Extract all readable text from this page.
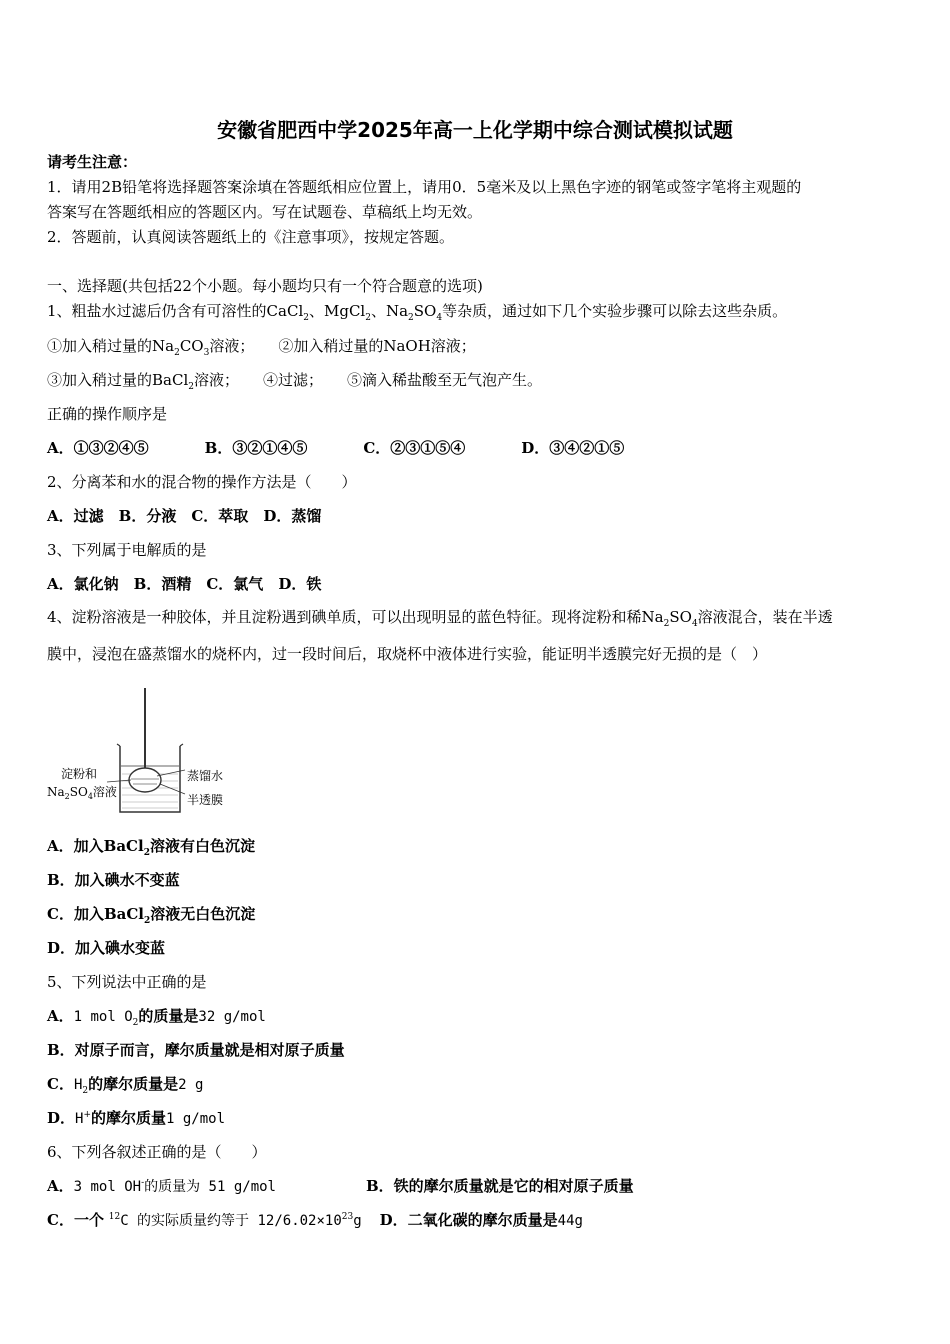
安徽省肥西中学2025年高一上化学期中综合测试模拟试题
请考生注意：
1．请用2B铅笔将选择题答案涂填在答题纸相应位置上，请用0．5毫米及以上黑色字迹的钢笔或签字笔将主观题的
答案写在答题纸相应的答题区内。写在试题卷、草稿纸上均无效。
2．答题前，认真阅读答题纸上的《注意事项》，按规定答题。
一、选择题(共包括22个小题。每小题均只有一个符合题意的选项)
1、粗盐水过滤后仍含有可溶性的CaCl$_2$、MgCl$_2$、$Na_2SO_4$等杂质，通过如下几个实验步骤可以除去这些杂质。
①加入稍过量的$Na_2CO_3$溶液； ②加入稍过量的NaOH溶液；
③加入稍过量的BaCl$_2$溶液； ④过滤； ⑤滴入稀盐酸至无气泡产生。
正确的操作顺序是
A．①③②④⑤	B．③②①④⑤	C．②③①⑤④	D．③④②①⑤
2、分离苯和水的混合物的操作方法是（　　）
A．过滤　 B．分液　 C．萃取　 D．蒸馏
3、下列属于电解质的是
A．氯化钠　 B．酒精　 C．氯气　 D．铁
4、淀粉溶液是一种胶体，并且淀粉遇到碘单质，可以出现明显的蓝色特征。现将淀粉和稀$Na_2SO_4$溶液混合，装在半透
膜中，浸泡在盛蒸馏水的烧杯内，过一段时间后，取烧杯中液体进行实验，能证明半透膜完好无损的是（　）
淀粉和
$Na_2SO_4$溶液
蒸馏水
半透膜
A．加入BaCl$_2$溶液有白色沉淀
B．加入碘水不变蓝
C．加入BaCl$_2$溶液无白色沉淀
D．加入碘水变蓝
5、下列说法中正确的是
A．1 mol $O_2$的质量是32 g/mol
B．对原子而言，摩尔质量就是相对原子质量
C．$H_2$的摩尔质量是2 g
D．H+的摩尔质量1 g/mol
6、下列各叙述正确的是（　　）
A．3 mol OH-的质量为 51 g/mol	B．铁的摩尔质量就是它的相对原子质量
C．一个 $^{12}$C 的实际质量约等于 $12/6.02\times 10^{23}g$ D．二氧化碳的摩尔质量是44g
